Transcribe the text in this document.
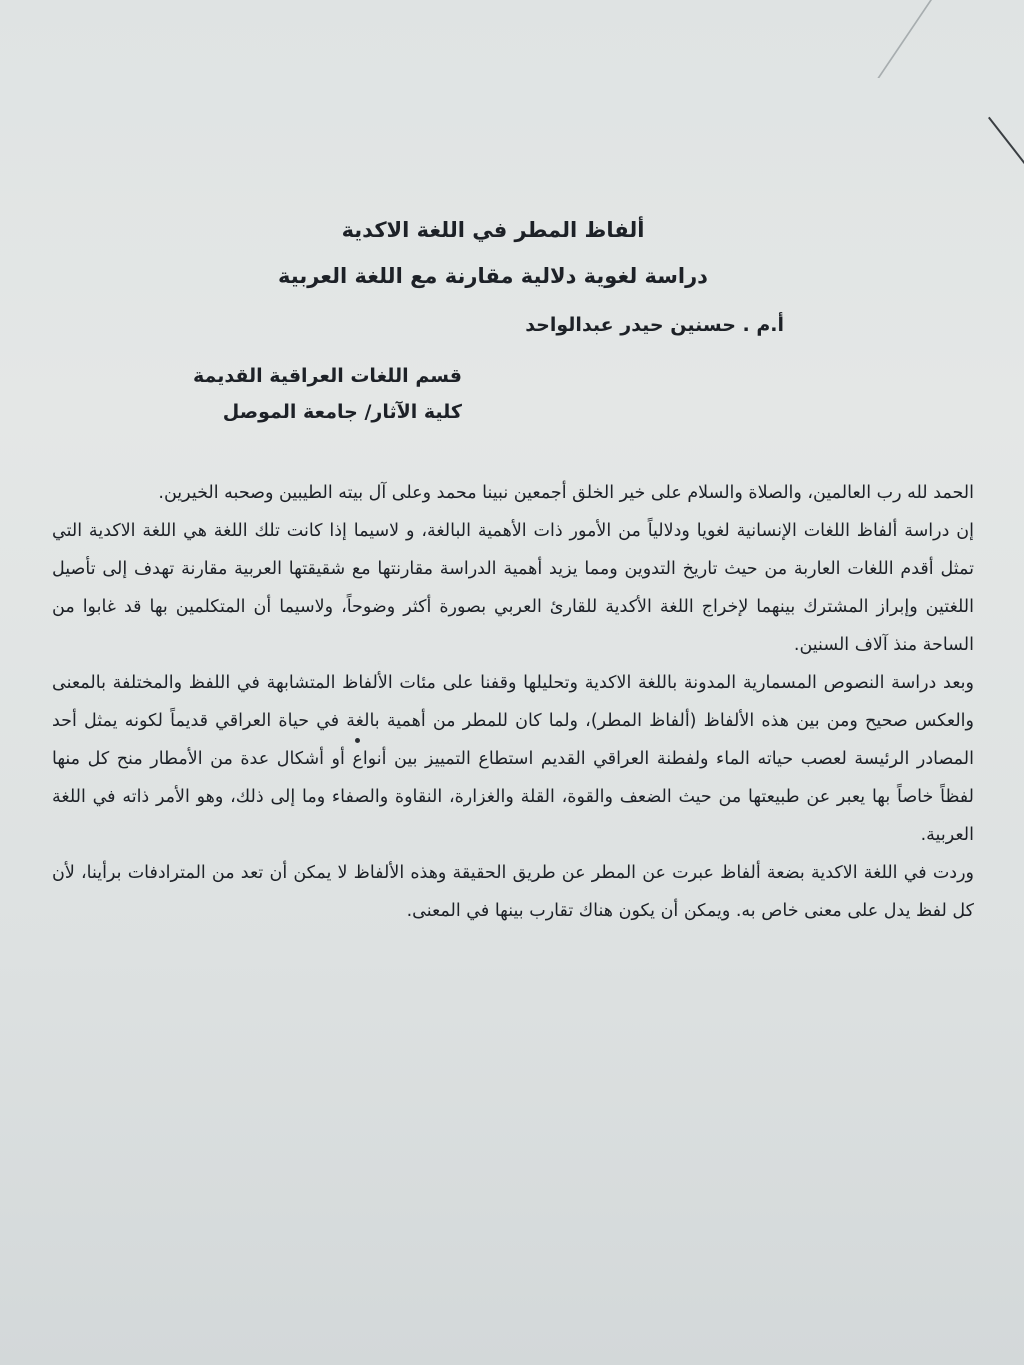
ألفاظ المطر في اللغة الاكدية
دراسة لغوية دلالية مقارنة مع اللغة العربية
أ.م . حسنين حيدر عبدالواحد
قسم اللغات العراقية القديمة
كلية الآثار/ جامعة الموصل

الحمد لله رب العالمين، والصلاة والسلام على خير الخلق أجمعين نبينا محمد وعلى آل بيته الطيبين وصحبه الخيرين.

إن دراسة ألفاظ اللغات الإنسانية لغويا ودلالياً من الأمور ذات الأهمية البالغة، و لاسيما إذا كانت تلك اللغة هي اللغة الاكدية التي تمثل أقدم اللغات العاربة من حيث تاريخ التدوين ومما يزيد أهمية الدراسة مقارنتها مع شقيقتها العربية مقارنة تهدف إلى تأصيل اللغتين وإبراز المشترك بينهما لإخراج اللغة الأكدية للقارئ العربي بصورة أكثر وضوحاً، ولاسيما أن المتكلمين بها قد غابوا من الساحة منذ آلاف السنين.

وبعد دراسة النصوص المسمارية المدونة باللغة الاكدية وتحليلها وقفنا على مئات الألفاظ المتشابهة في اللفظ والمختلفة بالمعنى والعكس صحيح ومن بين هذه الألفاظ (ألفاظ المطر)، ولما كان للمطر من أهمية بالغة في حياة العراقي قديماً لكونه يمثل أحد المصادر الرئيسة لعصب حياته الماء ولفطنة العراقي القديم استطاع التمييز بين أنواع أو أشكال عدة من الأمطار منح كل منها لفظاً خاصاً بها يعبر عن طبيعتها من حيث الضعف والقوة، القلة والغزارة، النقاوة والصفاء وما إلى ذلك، وهو الأمر ذاته في اللغة العربية.

وردت في اللغة الاكدية بضعة ألفاظ عبرت عن المطر عن طريق الحقيقة وهذه الألفاظ لا يمكن أن تعد من المترادفات برأينا، لأن كل لفظ يدل على معنى خاص به. ويمكن أن يكون هناك تقارب بينها في المعنى.
